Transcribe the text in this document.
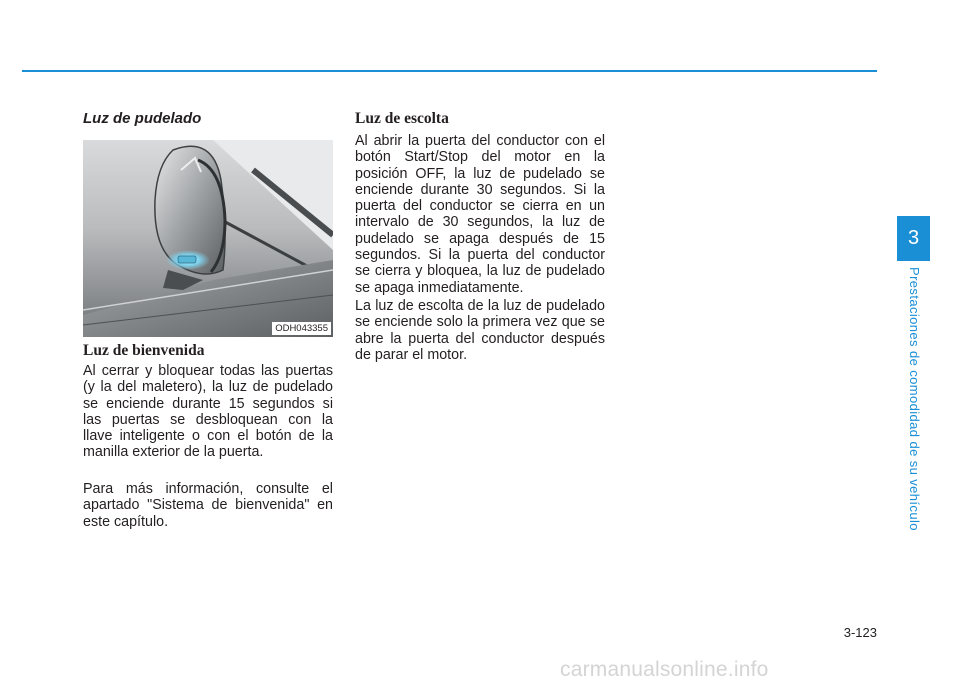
Luz de pudelado
ODH043355
Luz de bienvenida

Al cerrar y bloquear todas las puertas (y la del maletero), la luz de pudelado se enciende durante 15 segundos si las puertas se desbloquean con la llave inteligente o con el botón de la manilla exterior de la puerta.

Para más información, consulte el apartado "Sistema de bienvenida" en este capítulo.

Luz de escolta

Al abrir la puerta del conductor con el botón Start/Stop del motor en la posición OFF, la luz de pudelado se enciende durante 30 segundos. Si la puerta del conductor se cierra en un intervalo de 30 segundos, la luz de pudelado se apaga después de 15 segundos. Si la puerta del conductor se cierra y bloquea, la luz de pudelado se apaga inmediatamente.

La luz de escolta de la luz de pudelado se enciende solo la primera vez que se abre la puerta del conductor después de parar el motor.

3
Prestaciones de comodidad de su vehículo
3-123
carmanualsonline.info
